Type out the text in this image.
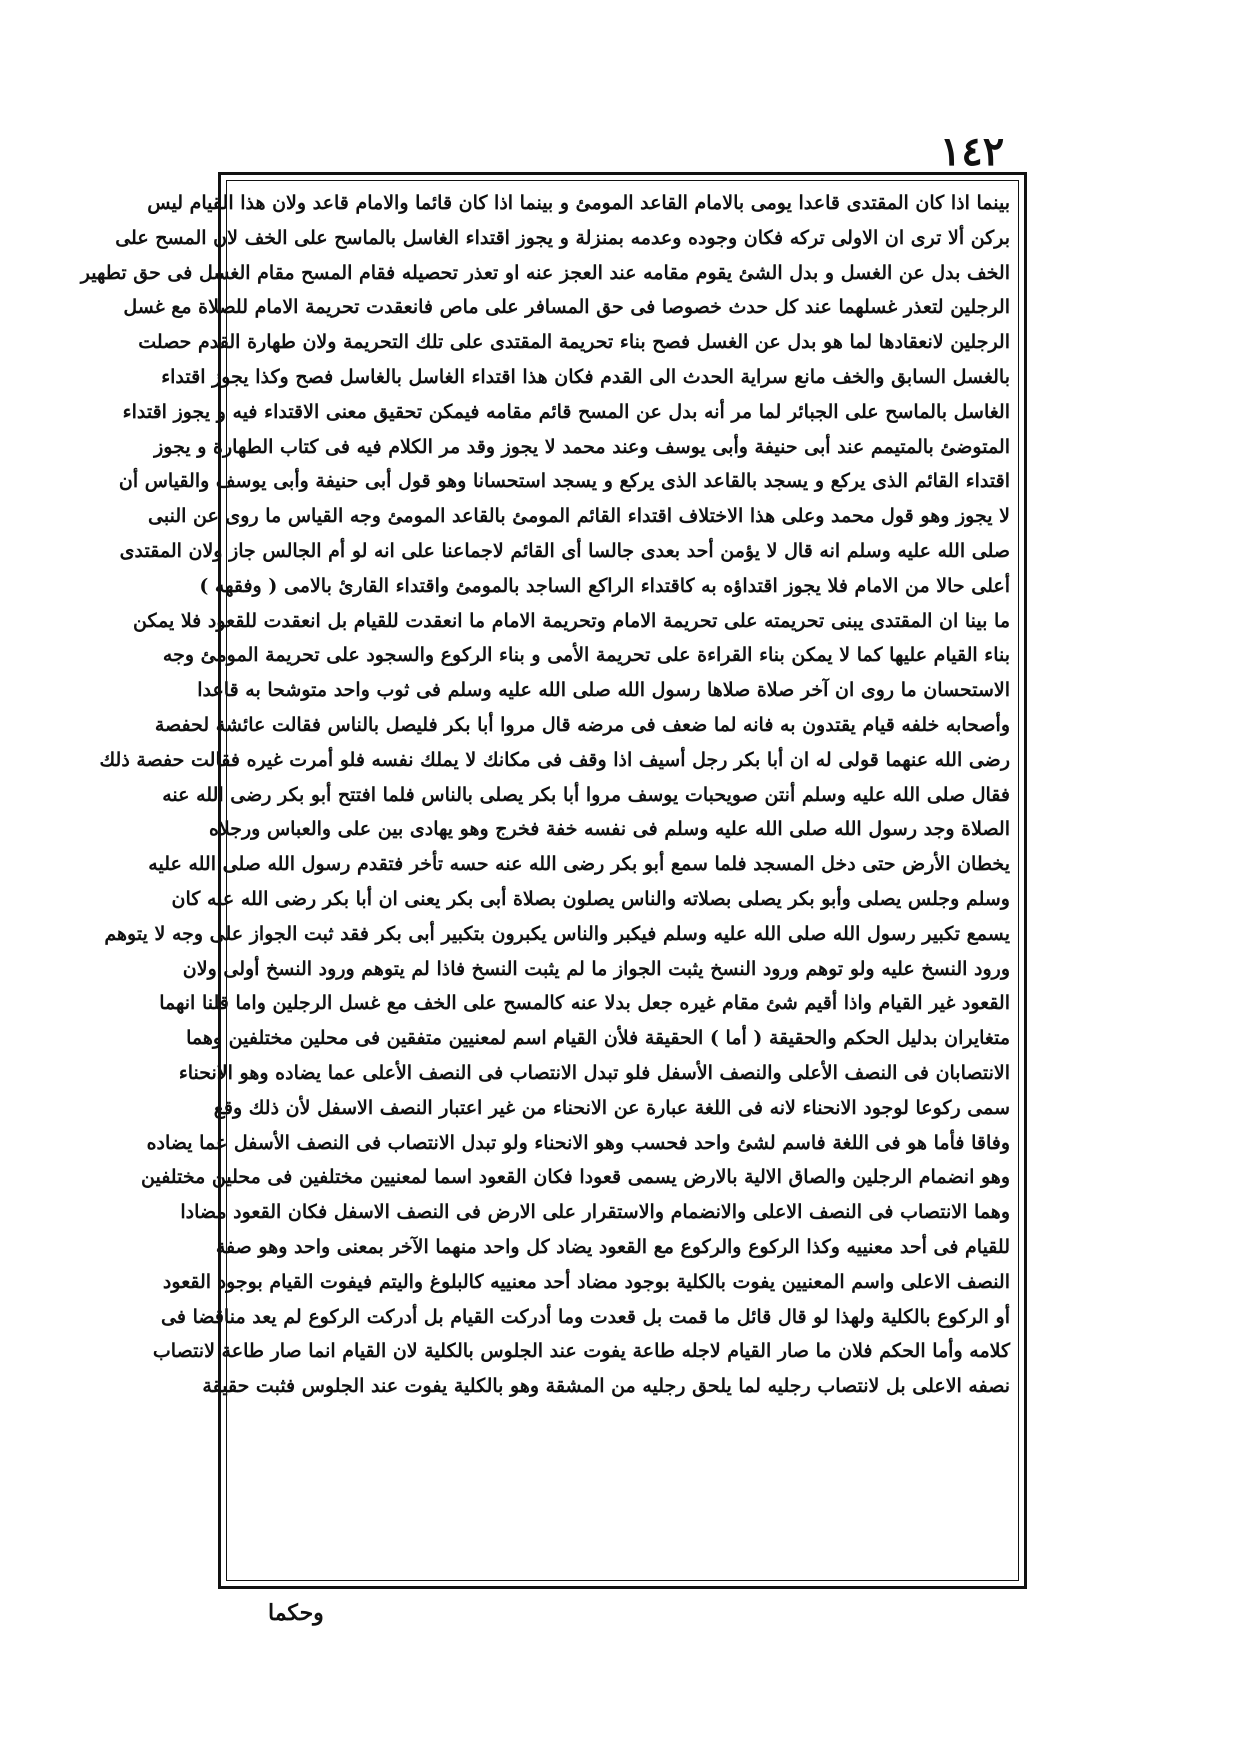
١٤٢
بينما اذا كان المقتدى قاعدا يومى بالامام القاعد المومئ و بينما اذا كان قائما والامام قاعد ولان هذا القيام ليس
بركن ألا ترى ان الاولى تركه فكان وجوده وعدمه بمنزلة و يجوز اقتداء الغاسل بالماسح على الخف لان المسح على
الخف بدل عن الغسل و بدل الشئ يقوم مقامه عند العجز عنه او تعذر تحصيله فقام المسح مقام الغسل فى حق تطهير
الرجلين لتعذر غسلهما عند كل حدث خصوصا فى حق المسافر على ماص فانعقدت تحريمة الامام للصلاة مع غسل
الرجلين لانعقادها لما هو بدل عن الغسل فصح بناء تحريمة المقتدى على تلك التحريمة ولان طهارة القدم حصلت
بالغسل السابق والخف مانع سراية الحدث الى القدم فكان هذا اقتداء الغاسل بالغاسل فصح وكذا يجوز اقتداء
الغاسل بالماسح على الجبائر لما مر أنه بدل عن المسح قائم مقامه فيمكن تحقيق معنى الاقتداء فيه و يجوز اقتداء
المتوضئ بالمتيمم عند أبى حنيفة وأبى يوسف وعند محمد لا يجوز وقد مر الكلام فيه فى كتاب الطهارة و يجوز
اقتداء القائم الذى يركع و يسجد بالقاعد الذى يركع و يسجد استحسانا وهو قول أبى حنيفة وأبى يوسف والقياس أن
لا يجوز وهو قول محمد وعلى هذا الاختلاف اقتداء القائم المومئ بالقاعد المومئ وجه القياس ما روى عن النبى
صلى الله عليه وسلم انه قال لا يؤمن أحد بعدى جالسا أى القائم لاجماعنا على انه لو أم الجالس جاز ولان المقتدى
أعلى حالا من الامام فلا يجوز اقتداؤه به كاقتداء الراكع الساجد بالمومئ واقتداء القارئ بالامى ( وفقهه )
ما بينا ان المقتدى يبنى تحريمته على تحريمة الامام وتحريمة الامام ما انعقدت للقيام بل انعقدت للقعود فلا يمكن
بناء القيام عليها كما لا يمكن بناء القراءة على تحريمة الأمى و بناء الركوع والسجود على تحريمة المومئ وجه
الاستحسان ما روى ان آخر صلاة صلاها رسول الله صلى الله عليه وسلم فى ثوب واحد متوشحا به قاعدا
وأصحابه خلفه قيام يقتدون به فانه لما ضعف فى مرضه قال مروا أبا بكر فليصل بالناس فقالت عائشة لحفصة
رضى الله عنهما قولى له ان أبا بكر رجل أسيف اذا وقف فى مكانك لا يملك نفسه فلو أمرت غيره فقالت حفصة ذلك
فقال صلى الله عليه وسلم أنتن صويحبات يوسف مروا أبا بكر يصلى بالناس فلما افتتح أبو بكر رضى الله عنه
الصلاة وجد رسول الله صلى الله عليه وسلم فى نفسه خفة فخرج وهو يهادى بين على والعباس ورجلاه
يخطان الأرض حتى دخل المسجد فلما سمع أبو بكر رضى الله عنه حسه تأخر فتقدم رسول الله صلى الله عليه
وسلم وجلس يصلى وأبو بكر يصلى بصلاته والناس يصلون بصلاة أبى بكر يعنى ان أبا بكر رضى الله عنه كان
يسمع تكبير رسول الله صلى الله عليه وسلم فيكبر والناس يكبرون بتكبير أبى بكر فقد ثبت الجواز على وجه لا يتوهم
ورود النسخ عليه ولو توهم ورود النسخ يثبت الجواز ما لم يثبت النسخ فاذا لم يتوهم ورود النسخ أولى ولان
القعود غير القيام واذا أقيم شئ مقام غيره جعل بدلا عنه كالمسح على الخف مع غسل الرجلين واما قلنا انهما
متغايران بدليل الحكم والحقيقة ( أما ) الحقيقة فلأن القيام اسم لمعنيين متفقين فى محلين مختلفين وهما
الانتصابان فى النصف الأعلى والنصف الأسفل فلو تبدل الانتصاب فى النصف الأعلى عما يضاده وهو الانحناء
سمى ركوعا لوجود الانحناء لانه فى اللغة عبارة عن الانحناء من غير اعتبار النصف الاسفل لأن ذلك وقع
وفاقا فأما هو فى اللغة فاسم لشئ واحد فحسب وهو الانحناء ولو تبدل الانتصاب فى النصف الأسفل عما يضاده
وهو انضمام الرجلين والصاق الالية بالارض يسمى قعودا فكان القعود اسما لمعنيين مختلفين فى محلين مختلفين
وهما الانتصاب فى النصف الاعلى والانضمام والاستقرار على الارض فى النصف الاسفل فكان القعود مضادا
للقيام فى أحد معنييه وكذا الركوع والركوع مع القعود يضاد كل واحد منهما الآخر بمعنى واحد وهو صفة
النصف الاعلى واسم المعنيين يفوت بالكلية بوجود مضاد أحد معنييه كالبلوغ واليتم فيفوت القيام بوجود القعود
أو الركوع بالكلية ولهذا لو قال قائل ما قمت بل قعدت وما أدركت القيام بل أدركت الركوع لم يعد مناقضا فى
كلامه وأما الحكم فلان ما صار القيام لاجله طاعة يفوت عند الجلوس بالكلية لان القيام انما صار طاعة لانتصاب
نصفه الاعلى بل لانتصاب رجليه لما يلحق رجليه من المشقة وهو بالكلية يفوت عند الجلوس فثبت حقيقة
وحكما
